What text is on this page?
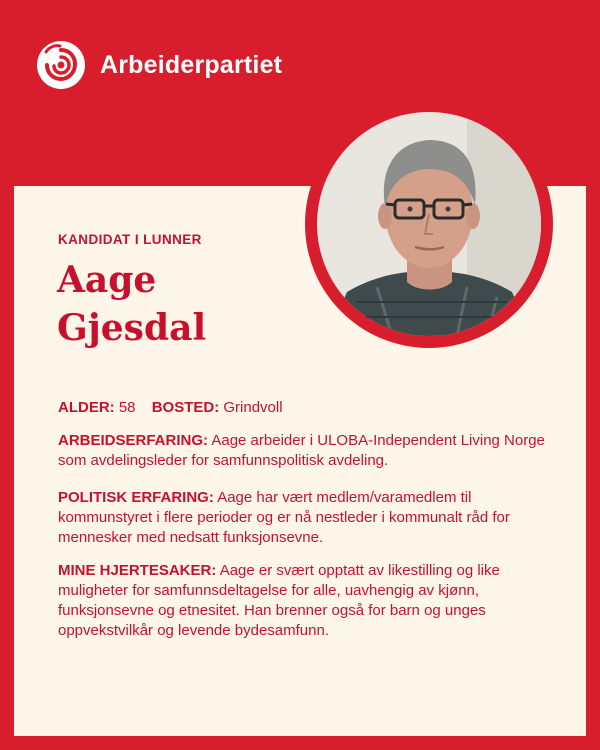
Arbeiderpartiet
KANDIDAT I LUNNER
Aage
Gjesdal
ALDER: 58 BOSTED: Grindvoll
ARBEIDSERFARING: Aage arbeider i ULOBA-Independent Living Norge som avdelingsleder for samfunnspolitisk avdeling.
POLITISK ERFARING: Aage har vært medlem/varamedlem til kommunstyret i flere perioder og er nå nestleder i kommunalt råd for mennesker med nedsatt funksjonsevne.
MINE HJERTESAKER: Aage er svært opptatt av likestilling og like muligheter for samfunnsdeltagelse for alle, uavhengig av kjønn, funksjonsevne og etnesitet. Han brenner også for barn og unges oppvekstvilkår og levende bydesamfunn.
